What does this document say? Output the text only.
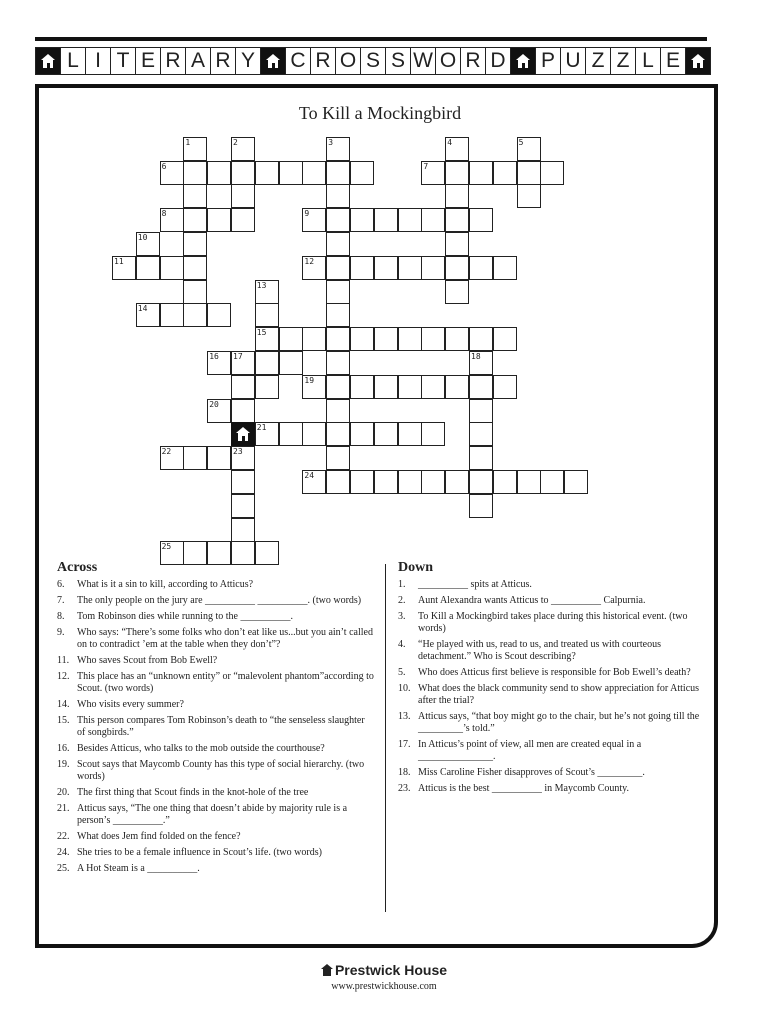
L I T E R A R Y C R O S S W O R D P U Z Z L E
To Kill a Mockingbird
1	2	3	4	5
6	7
8	9
10
11	12
13
14
15
16 17	18
19
20
21
22	23
24
25
Across
6.	What is it a sin to kill, according to Atticus?
7.	The only people on the jury are __________ __________. (two words)
8.	Tom Robinson dies while running to the __________.
9.	Who says: “There’s some folks who don’t eat like us...but you ain’t called on to contradict ’em at the table when they don’t”?
11. Who saves Scout from Bob Ewell?
12. This place has an “unknown entity” or “malevolent phantom”according to Scout. (two words)
14. Who visits every summer?
15. This person compares Tom Robinson’s death to “the senseless slaughter of songbirds.”
16. Besides Atticus, who talks to the mob outside the courthouse?
19. Scout says that Maycomb County has this type of social hierarchy. (two words)
20. The first thing that Scout finds in the knot-hole of the tree
21. Atticus says, “The one thing that doesn’t abide by majority rule is a person’s __________.”
22. What does Jem find folded on the fence?
24. She tries to be a female influence in Scout’s life. (two words)
25. A Hot Steam is a __________.
Down
1.	__________ spits at Atticus.
2.	Aunt Alexandra wants Atticus to __________ Calpurnia.
3.	To Kill a Mockingbird takes place during this historical event. (two words)
4.	“He played with us, read to us, and treated us with courteous detachment.” Who is Scout describing?
5.	Who does Atticus first believe is responsible for Bob Ewell’s death?
10. What does the black community send to show appreciation for Atticus after the trial?
13. Atticus says, “that boy might go to the chair, but he’s not going till the _________’s told.”
17. In Atticus’s point of view, all men are created equal in a _______________.
18. Miss Caroline Fisher disapproves of Scout’s _________.
23. Atticus is the best __________ in Maycomb County.
Prestwick House
www.prestwickhouse.com
